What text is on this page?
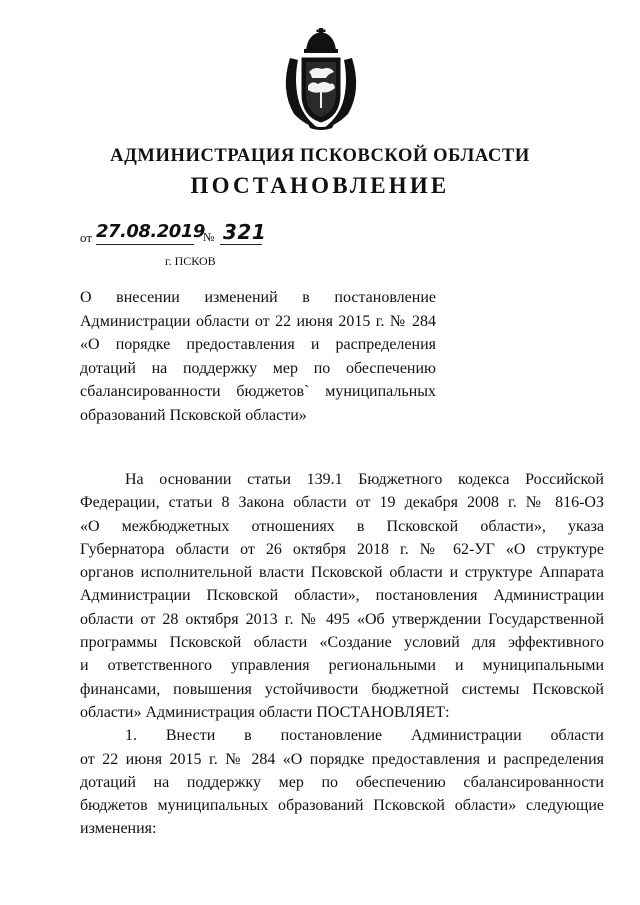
АДМИНИСТРАЦИЯ ПСКОВСКОЙ ОБЛАСТИ
ПОСТАНОВЛЕНИЕ
от 27.08.2019
№ 321
г. ПСКОВ
О внесении изменений в постановление
Администрации области от 22 июня 2015 г. № 284
«О порядке предоставления и распределения
дотаций на поддержку мер по обеспечению
сбалансированности бюджетов` муниципальных
образований Псковской области»
На основании статьи 139.1 Бюджетного кодекса Российской
Федерации, статьи 8 Закона области от 19 декабря 2008 г. № 816-ОЗ
«О межбюджетных отношениях в Псковской области», указа
Губернатора области от 26 октября 2018 г. № 62-УГ «О структуре
органов исполнительной власти Псковской области и структуре Аппарата
Администрации Псковской области», постановления Администрации
области от 28 октября 2013 г. № 495 «Об утверждении Государственной
программы Псковской области «Создание условий для эффективного
и ответственного управления региональными и муниципальными
финансами, повышения устойчивости бюджетной системы Псковской
области» Администрация области ПОСТАНОВЛЯЕТ:
1. Внести в постановление Администрации области
от 22 июня 2015 г. № 284 «О порядке предоставления и распределения
дотаций на поддержку мер по обеспечению сбалансированности
бюджетов муниципальных образований Псковской области» следующие
изменения:
